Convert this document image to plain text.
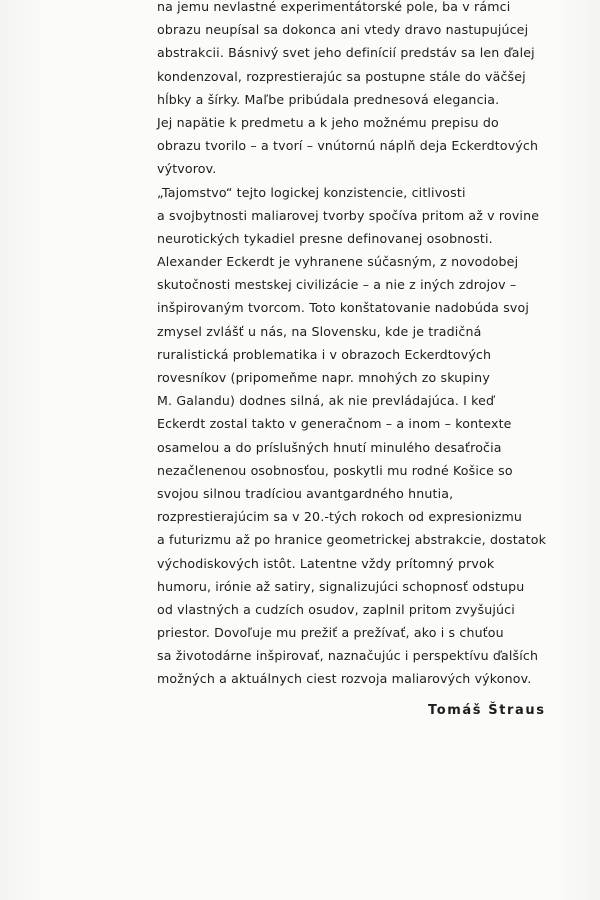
na jemu nevlastné experimentátorské pole, ba v rámci
obrazu neupísal sa dokonca ani vtedy dravo nastupujúcej
abstrakcii. Básnivý svet jeho definícií predstáv sa len ďalej
kondenzoval, rozprestierajúc sa postupne stále do väčšej
hĺbky a šírky. Maľbe pribúdala prednesová elegancia.
Jej napätie k predmetu a k jeho možnému prepisu do
obrazu tvorilo – a tvorí – vnútornú náplň deja Eckerdtových
výtvorov.
„Tajomstvo“ tejto logickej konzistencie, citlivosti
a svojbytnosti maliarovej tvorby spočíva pritom až v rovine
neurotických tykadiel presne definovanej osobnosti.
Alexander Eckerdt je vyhranene súčasným, z novodobej
skutočnosti mestskej civilizácie – a nie z iných zdrojov –
inšpirovaným tvorcom. Toto konštatovanie nadobúda svoj
zmysel zvlášť u nás, na Slovensku, kde je tradičná
ruralistická problematika i v obrazoch Eckerdtových
rovesníkov (pripomeňme napr. mnohých zo skupiny
M. Galandu) dodnes silná, ak nie prevládajúca. I keď
Eckerdt zostal takto v generačnom – a inom – kontexte
osamelou a do príslušných hnutí minulého desaťročia
nezačlenenou osobnosťou, poskytli mu rodné Košice so
svojou silnou tradíciou avantgardného hnutia,
rozprestierajúcim sa v 20.-tých rokoch od expresionizmu
a futurizmu až po hranice geometrickej abstrakcie, dostatok
východiskových istôt. Latentne vždy prítomný prvok
humoru, irónie až satiry, signalizujúci schopnosť odstupu
od vlastných a cudzích osudov, zaplnil pritom zvyšujúci
priestor. Dovoľuje mu prežiť a prežívať, ako i s chuťou
sa životodárne inšpirovať, naznačujúc i perspektívu ďalších
možných a aktuálnych ciest rozvoja maliarových výkonov.
Tomáš Štraus
